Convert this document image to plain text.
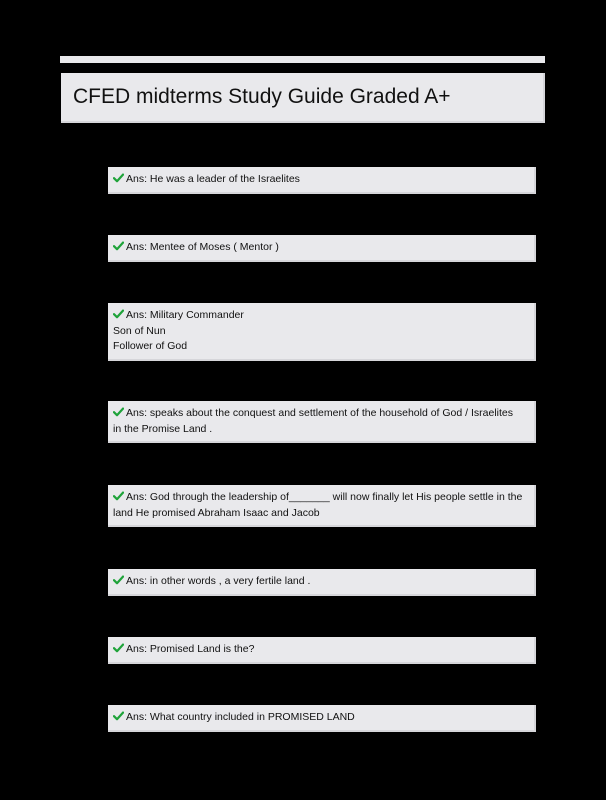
CFED midterms Study Guide Graded A+
Ans: He was a leader of the Israelites
Ans: Mentee of Moses ( Mentor )
Ans: Military Commander
Son of Nun
Follower of God
Ans: speaks about the conquest and settlement of the household of God / Israelites
in the Promise Land .
Ans: God through the leadership of_______ will now finally let His people settle in the
land He promised Abraham Isaac and Jacob
Ans: in other words , a very fertile land .
Ans: Promised Land is the?
Ans: What country included in PROMISED LAND
